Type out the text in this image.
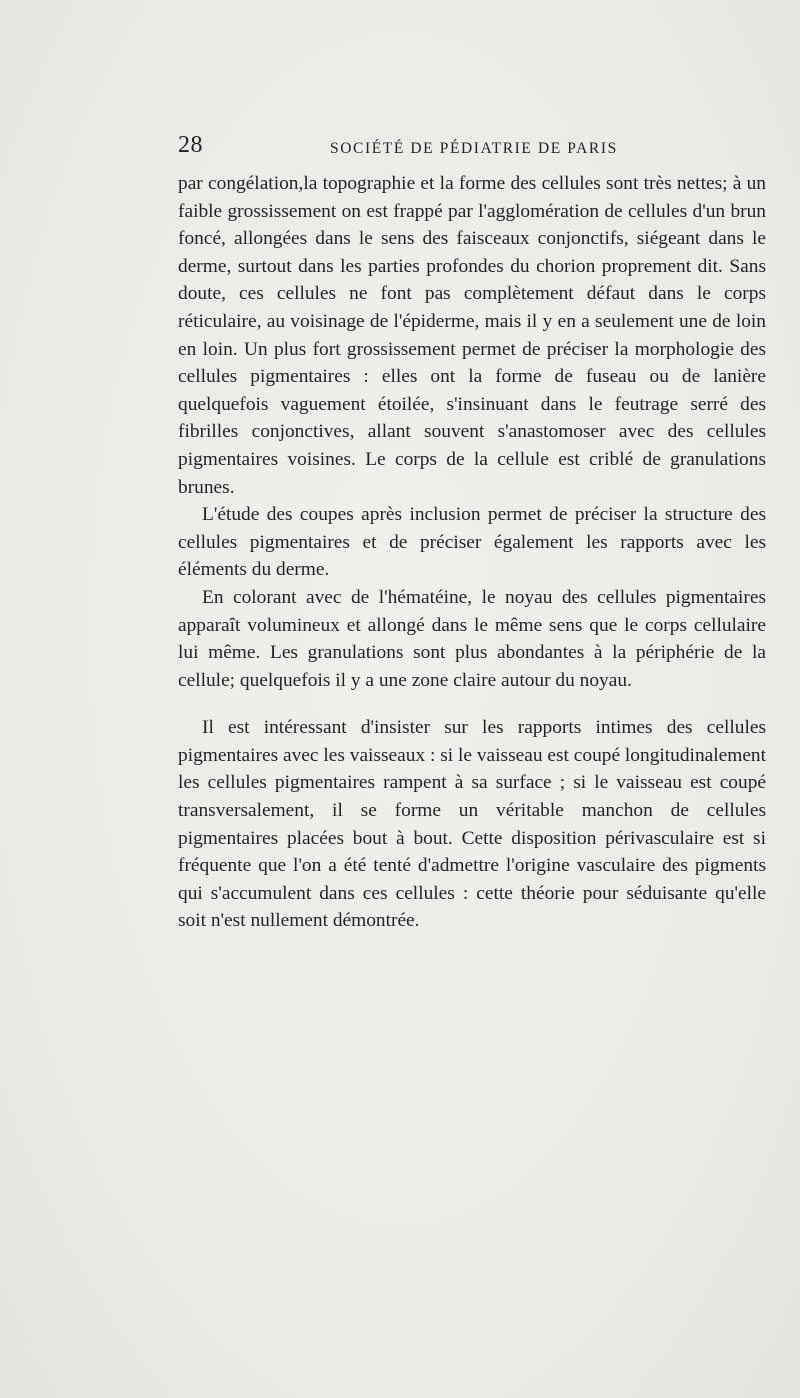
28	SOCIÉTÉ DE PÉDIATRIE DE PARIS

par congélation,la topographie et la forme des cellules sont très nettes; à un faible grossissement on est frappé par l'agglomération de cellules d'un brun foncé, allongées dans le sens des faisceaux conjonctifs, siégeant dans le derme, surtout dans les parties profondes du chorion proprement dit. Sans doute, ces cellules ne font pas complètement défaut dans le corps réticulaire, au voisinage de l'épiderme, mais il y en a seulement une de loin en loin. Un plus fort grossissement permet de préciser la morphologie des cellules pigmentaires : elles ont la forme de fuseau ou de lanière quelquefois vaguement étoilée, s'insinuant dans le feutrage serré des fibrilles conjonctives, allant souvent s'anastomoser avec des cellules pigmentaires voisines. Le corps de la cellule est criblé de granulations brunes.

L'étude des coupes après inclusion permet de préciser la structure des cellules pigmentaires et de préciser également les rapports avec les éléments du derme.

En colorant avec de l'hématéine, le noyau des cellules pigmentaires apparaît volumineux et allongé dans le même sens que le corps cellulaire lui même. Les granulations sont plus abondantes à la périphérie de la cellule; quelquefois il y a une zone claire autour du noyau.

Il est intéressant d'insister sur les rapports intimes des cellules pigmentaires avec les vaisseaux : si le vaisseau est coupé longitudinalement les cellules pigmentaires rampent à sa surface ; si le vaisseau est coupé transversalement, il se forme un véritable manchon de cellules pigmentaires placées bout à bout. Cette disposition périvasculaire est si fréquente que l'on a été tenté d'admettre l'origine vasculaire des pigments qui s'accumulent dans ces cellules : cette théorie pour séduisante qu'elle soit n'est nullement démontrée.
